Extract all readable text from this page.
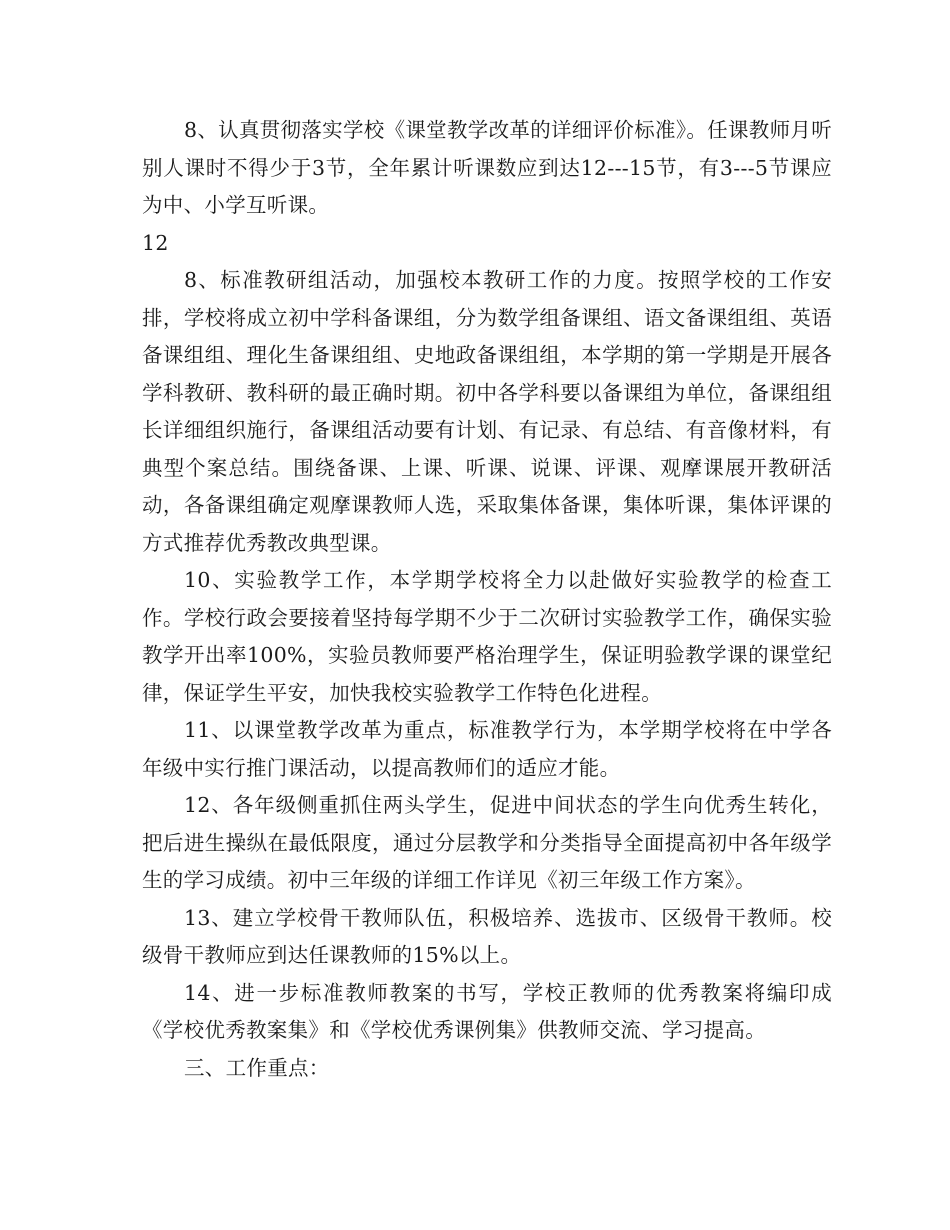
8、认真贯彻落实学校《课堂教学改革的详细评价标准》。任课教师月听别人课时不得少于3节，全年累计听课数应到达12---15节，有3---5节课应为中、小学互听课。

12

8、标准教研组活动，加强校本教研工作的力度。按照学校的工作安排，学校将成立初中学科备课组，分为数学组备课组、语文备课组组、英语备课组组、理化生备课组组、史地政备课组组，本学期的第一学期是开展各学科教研、教科研的最正确时期。初中各学科要以备课组为单位，备课组组长详细组织施行，备课组活动要有计划、有记录、有总结、有音像材料，有典型个案总结。围绕备课、上课、听课、说课、评课、观摩课展开教研活动，各备课组确定观摩课教师人选，采取集体备课，集体听课，集体评课的方式推荐优秀教改典型课。

10、实验教学工作，本学期学校将全力以赴做好实验教学的检查工作。学校行政会要接着坚持每学期不少于二次研讨实验教学工作，确保实验教学开出率100%，实验员教师要严格治理学生，保证明验教学课的课堂纪律，保证学生平安，加快我校实验教学工作特色化进程。

11、以课堂教学改革为重点，标准教学行为，本学期学校将在中学各年级中实行推门课活动，以提高教师们的适应才能。

12、各年级侧重抓住两头学生，促进中间状态的学生向优秀生转化，把后进生操纵在最低限度，通过分层教学和分类指导全面提高初中各年级学生的学习成绩。初中三年级的详细工作详见《初三年级工作方案》。

13、建立学校骨干教师队伍，积极培养、选拔市、区级骨干教师。校级骨干教师应到达任课教师的15%以上。

14、进一步标准教师教案的书写，学校正教师的优秀教案将编印成《学校优秀教案集》和《学校优秀课例集》供教师交流、学习提高。

三、工作重点：
